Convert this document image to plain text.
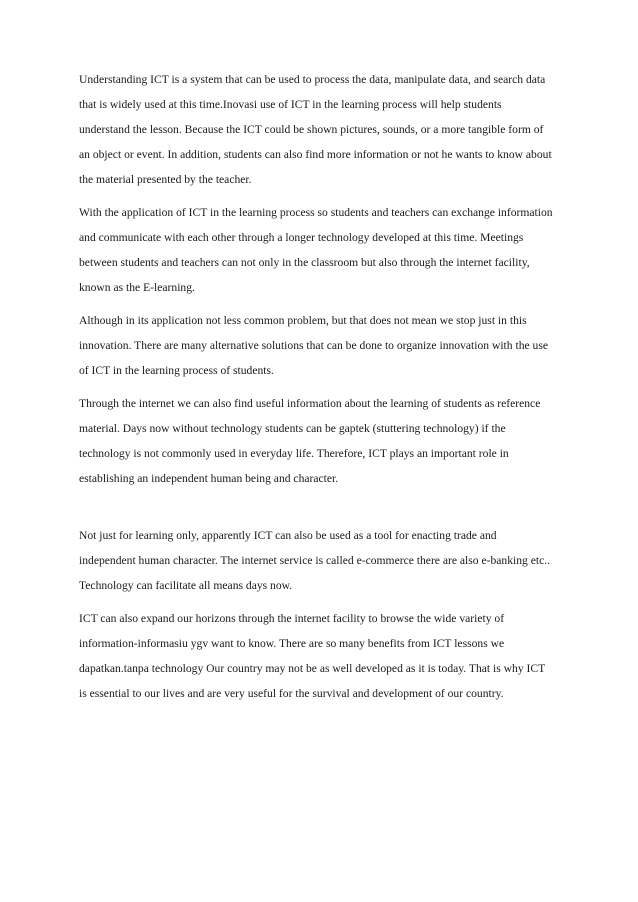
Understanding ICT is a system that can be used to process the data, manipulate data, and search data
that is widely used at this time.Inovasi use of ICT in the learning process will help students
understand the lesson. Because the ICT could be shown pictures, sounds, or a more tangible form of
an object or event. In addition, students can also find more information or not he wants to know about
the material presented by the teacher.
With the application of ICT in the learning process so students and teachers can exchange information
and communicate with each other through a longer technology developed at this time. Meetings
between students and teachers can not only in the classroom but also through the internet facility,
known as the E-learning.
Although in its application not less common problem, but that does not mean we stop just in this
innovation. There are many alternative solutions that can be done to organize innovation with the use
of ICT in the learning process of students.
Through the internet we can also find useful information about the learning of students as reference
material. Days now without technology students can be gaptek (stuttering technology) if the
technology is not commonly used in everyday life. Therefore, ICT plays an important role in
establishing an independent human being and character.
Not just for learning only, apparently ICT can also be used as a tool for enacting trade and
independent human character. The internet service is called e-commerce there are also e-banking etc..
Technology can facilitate all means days now.
ICT can also expand our horizons through the internet facility to browse the wide variety of
information-informasiu ygv want to know. There are so many benefits from ICT lessons we
dapatkan.tanpa technology Our country may not be as well developed as it is today. That is why ICT
is essential to our lives and are very useful for the survival and development of our country.
